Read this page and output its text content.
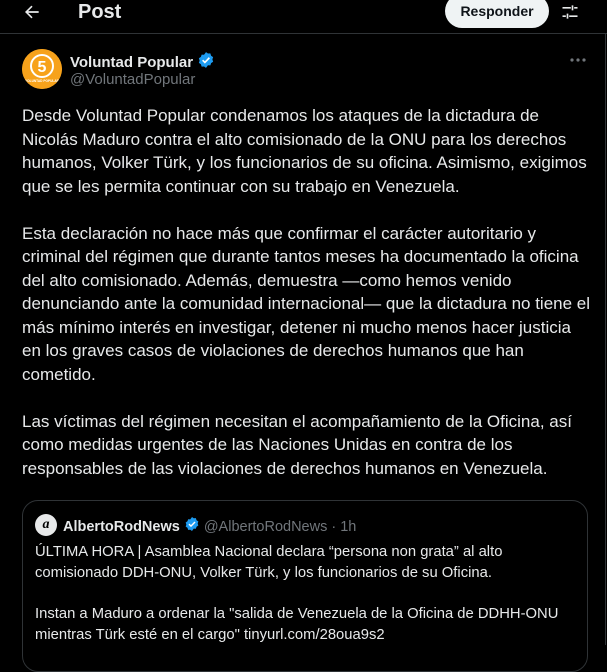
Post	Responder
5
VOLUNTAD POPULAR
Voluntad Popular
@VoluntadPopular

Desde Voluntad Popular condenamos los ataques de la dictadura de Nicolás Maduro contra el alto comisionado de la ONU para los derechos humanos, Volker Türk, y los funcionarios de su oficina. Asimismo, exigimos que se les permita continuar con su trabajo en Venezuela.

Esta declaración no hace más que confirmar el carácter autoritario y criminal del régimen que durante tantos meses ha documentado la oficina del alto comisionado. Además, demuestra —como hemos venido denunciando ante la comunidad internacional— que la dictadura no tiene el más mínimo interés en investigar, detener ni mucho menos hacer justicia en los graves casos de violaciones de derechos humanos que han cometido.

Las víctimas del régimen necesitan el acompañamiento de la Oficina, así como medidas urgentes de las Naciones Unidas en contra de los responsables de las violaciones de derechos humanos en Venezuela.

a AlbertoRodNews @AlbertoRodNews · 1h

ÚLTIMA HORA | Asamblea Nacional declara “persona non grata” al alto comisionado DDH-ONU, Volker Türk, y los funcionarios de su Oficina.

Instan a Maduro a ordenar la "salida de Venezuela de la Oficina de DDHH-ONU mientras Türk esté en el cargo" tinyurl.com/28oua9s2
